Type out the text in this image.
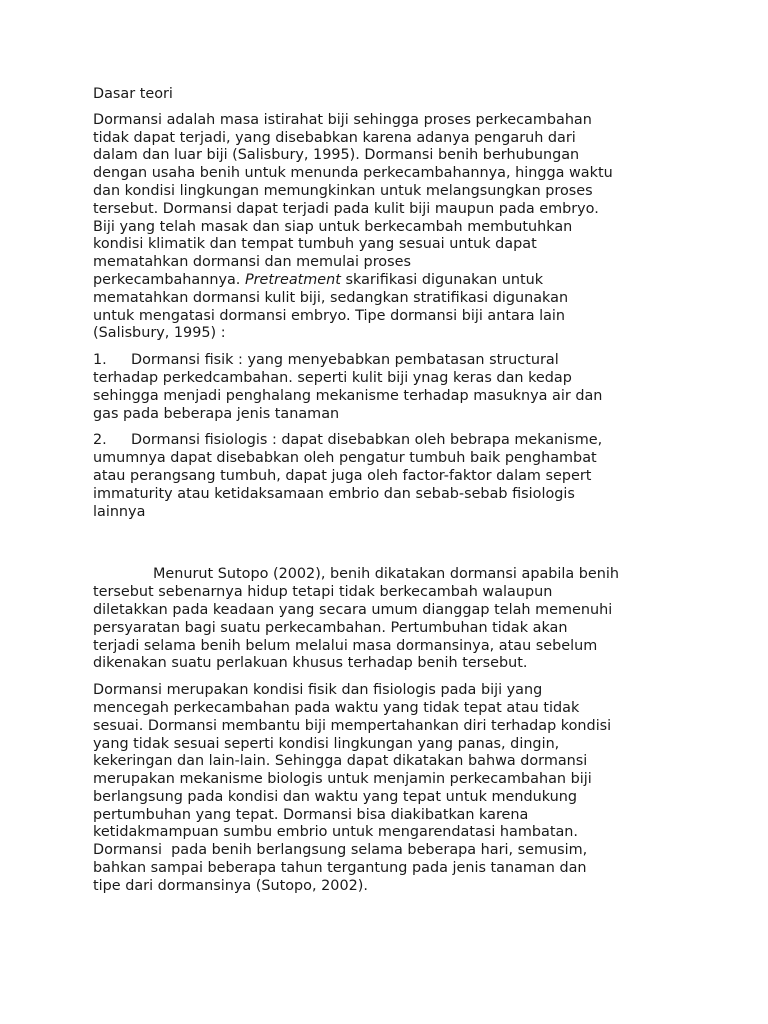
Dasar teori
Dormansi adalah masa istirahat biji sehingga proses perkecambahan
tidak dapat terjadi, yang disebabkan karena adanya pengaruh dari
dalam dan luar biji (Salisbury, 1995). Dormansi benih berhubungan
dengan usaha benih untuk menunda perkecambahannya, hingga waktu
dan kondisi lingkungan memungkinkan untuk melangsungkan proses
tersebut. Dormansi dapat terjadi pada kulit biji maupun pada embryo.
Biji yang telah masak dan siap untuk berkecambah membutuhkan
kondisi klimatik dan tempat tumbuh yang sesuai untuk dapat
mematahkan dormansi dan memulai proses
perkecambahannya. Pretreatment skarifikasi digunakan untuk
mematahkan dormansi kulit biji, sedangkan stratifikasi digunakan
untuk mengatasi dormansi embryo. Tipe dormansi biji antara lain
(Salisbury, 1995) :
1. Dormansi fisik : yang menyebabkan pembatasan structural
terhadap perkedcambahan. seperti kulit biji ynag keras dan kedap
sehingga menjadi penghalang mekanisme terhadap masuknya air dan
gas pada beberapa jenis tanaman
2. Dormansi fisiologis : dapat disebabkan oleh bebrapa mekanisme,
umumnya dapat disebabkan oleh pengatur tumbuh baik penghambat
atau perangsang tumbuh, dapat juga oleh factor-faktor dalam sepert
immaturity atau ketidaksamaan embrio dan sebab-sebab fisiologis
lainnya
Menurut Sutopo (2002), benih dikatakan dormansi apabila benih
tersebut sebenarnya hidup tetapi tidak berkecambah walaupun
diletakkan pada keadaan yang secara umum dianggap telah memenuhi
persyaratan bagi suatu perkecambahan. Pertumbuhan tidak akan
terjadi selama benih belum melalui masa dormansinya, atau sebelum
dikenakan suatu perlakuan khusus terhadap benih tersebut.
Dormansi merupakan kondisi fisik dan fisiologis pada biji yang
mencegah perkecambahan pada waktu yang tidak tepat atau tidak
sesuai. Dormansi membantu biji mempertahankan diri terhadap kondisi
yang tidak sesuai seperti kondisi lingkungan yang panas, dingin,
kekeringan dan lain-lain. Sehingga dapat dikatakan bahwa dormansi
merupakan mekanisme biologis untuk menjamin perkecambahan biji
berlangsung pada kondisi dan waktu yang tepat untuk mendukung
pertumbuhan yang tepat. Dormansi bisa diakibatkan karena
ketidakmampuan sumbu embrio untuk mengarendatasi hambatan.
Dormansi  pada benih berlangsung selama beberapa hari, semusim,
bahkan sampai beberapa tahun tergantung pada jenis tanaman dan
tipe dari dormansinya (Sutopo, 2002).
